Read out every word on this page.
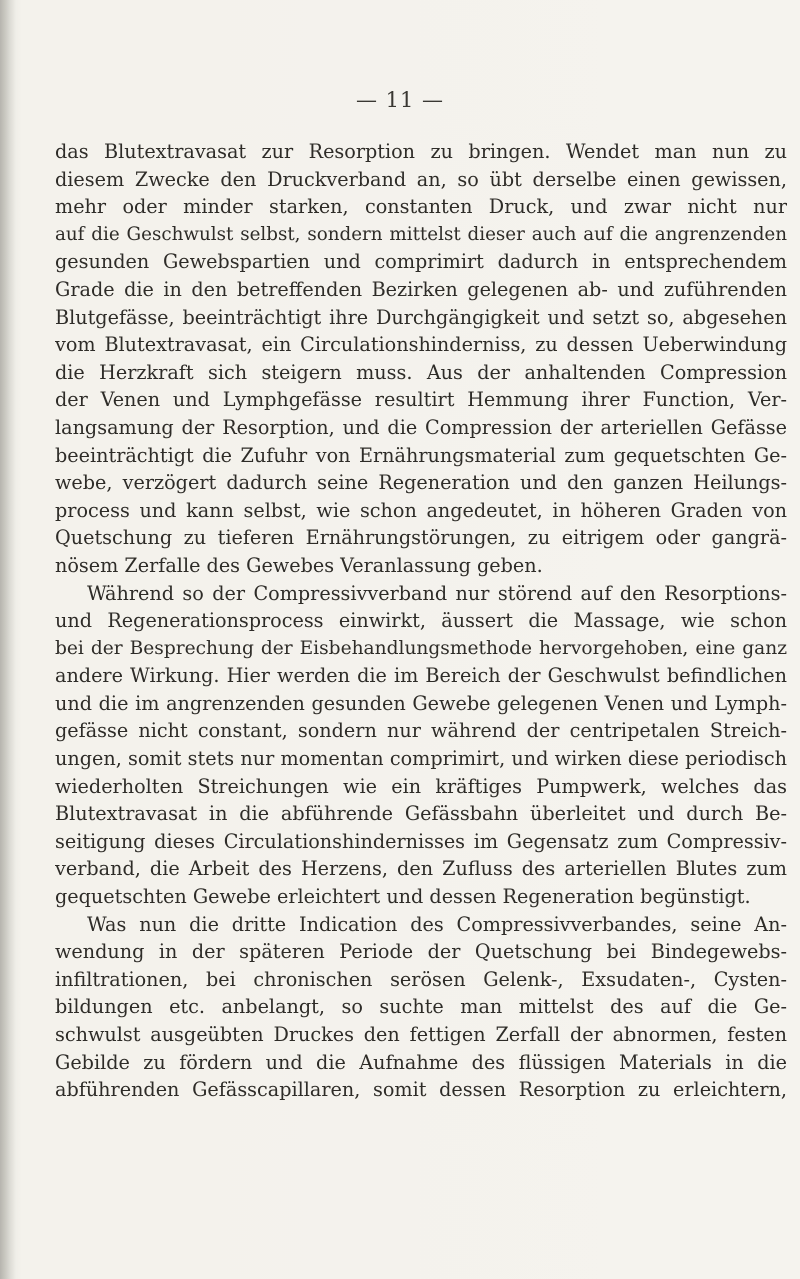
— 11 —
das Blutextravasat zur Resorption zu bringen. Wendet man nun zu
diesem Zwecke den Druckverband an, so übt derselbe einen gewissen,
mehr oder minder starken, constanten Druck, und zwar nicht nur
auf die Geschwulst selbst, sondern mittelst dieser auch auf die angrenzenden
gesunden Gewebspartien und comprimirt dadurch in entsprechendem
Grade die in den betreffenden Bezirken gelegenen ab- und zuführenden
Blutgefässe, beeinträchtigt ihre Durchgängigkeit und setzt so, abgesehen
vom Blutextravasat, ein Circulationshinderniss, zu dessen Ueberwindung
die Herzkraft sich steigern muss. Aus der anhaltenden Compression
der Venen und Lymphgefässe resultirt Hemmung ihrer Function, Ver-
langsamung der Resorption, und die Compression der arteriellen Gefässe
beeinträchtigt die Zufuhr von Ernährungsmaterial zum gequetschten Ge-
webe, verzögert dadurch seine Regeneration und den ganzen Heilungs-
process und kann selbst, wie schon angedeutet, in höheren Graden von
Quetschung zu tieferen Ernährungstörungen, zu eitrigem oder gangrä-
nösem Zerfalle des Gewebes Veranlassung geben.
Während so der Compressivverband nur störend auf den Resorptions-
und Regenerationsprocess einwirkt, äussert die Massage, wie schon
bei der Besprechung der Eisbehandlungsmethode hervorgehoben, eine ganz
andere Wirkung. Hier werden die im Bereich der Geschwulst befindlichen
und die im angrenzenden gesunden Gewebe gelegenen Venen und Lymph-
gefässe nicht constant, sondern nur während der centripetalen Streich-
ungen, somit stets nur momentan comprimirt, und wirken diese periodisch
wiederholten Streichungen wie ein kräftiges Pumpwerk, welches das
Blutextravasat in die abführende Gefässbahn überleitet und durch Be-
seitigung dieses Circulationshindernisses im Gegensatz zum Compressiv-
verband, die Arbeit des Herzens, den Zufluss des arteriellen Blutes zum
gequetschten Gewebe erleichtert und dessen Regeneration begünstigt.
Was nun die dritte Indication des Compressivverbandes, seine An-
wendung in der späteren Periode der Quetschung bei Bindegewebs-
infiltrationen, bei chronischen serösen Gelenk-, Exsudaten-, Cysten-
bildungen etc. anbelangt, so suchte man mittelst des auf die Ge-
schwulst ausgeübten Druckes den fettigen Zerfall der abnormen, festen
Gebilde zu fördern und die Aufnahme des flüssigen Materials in die
abführenden Gefässcapillaren, somit dessen Resorption zu erleichtern,
